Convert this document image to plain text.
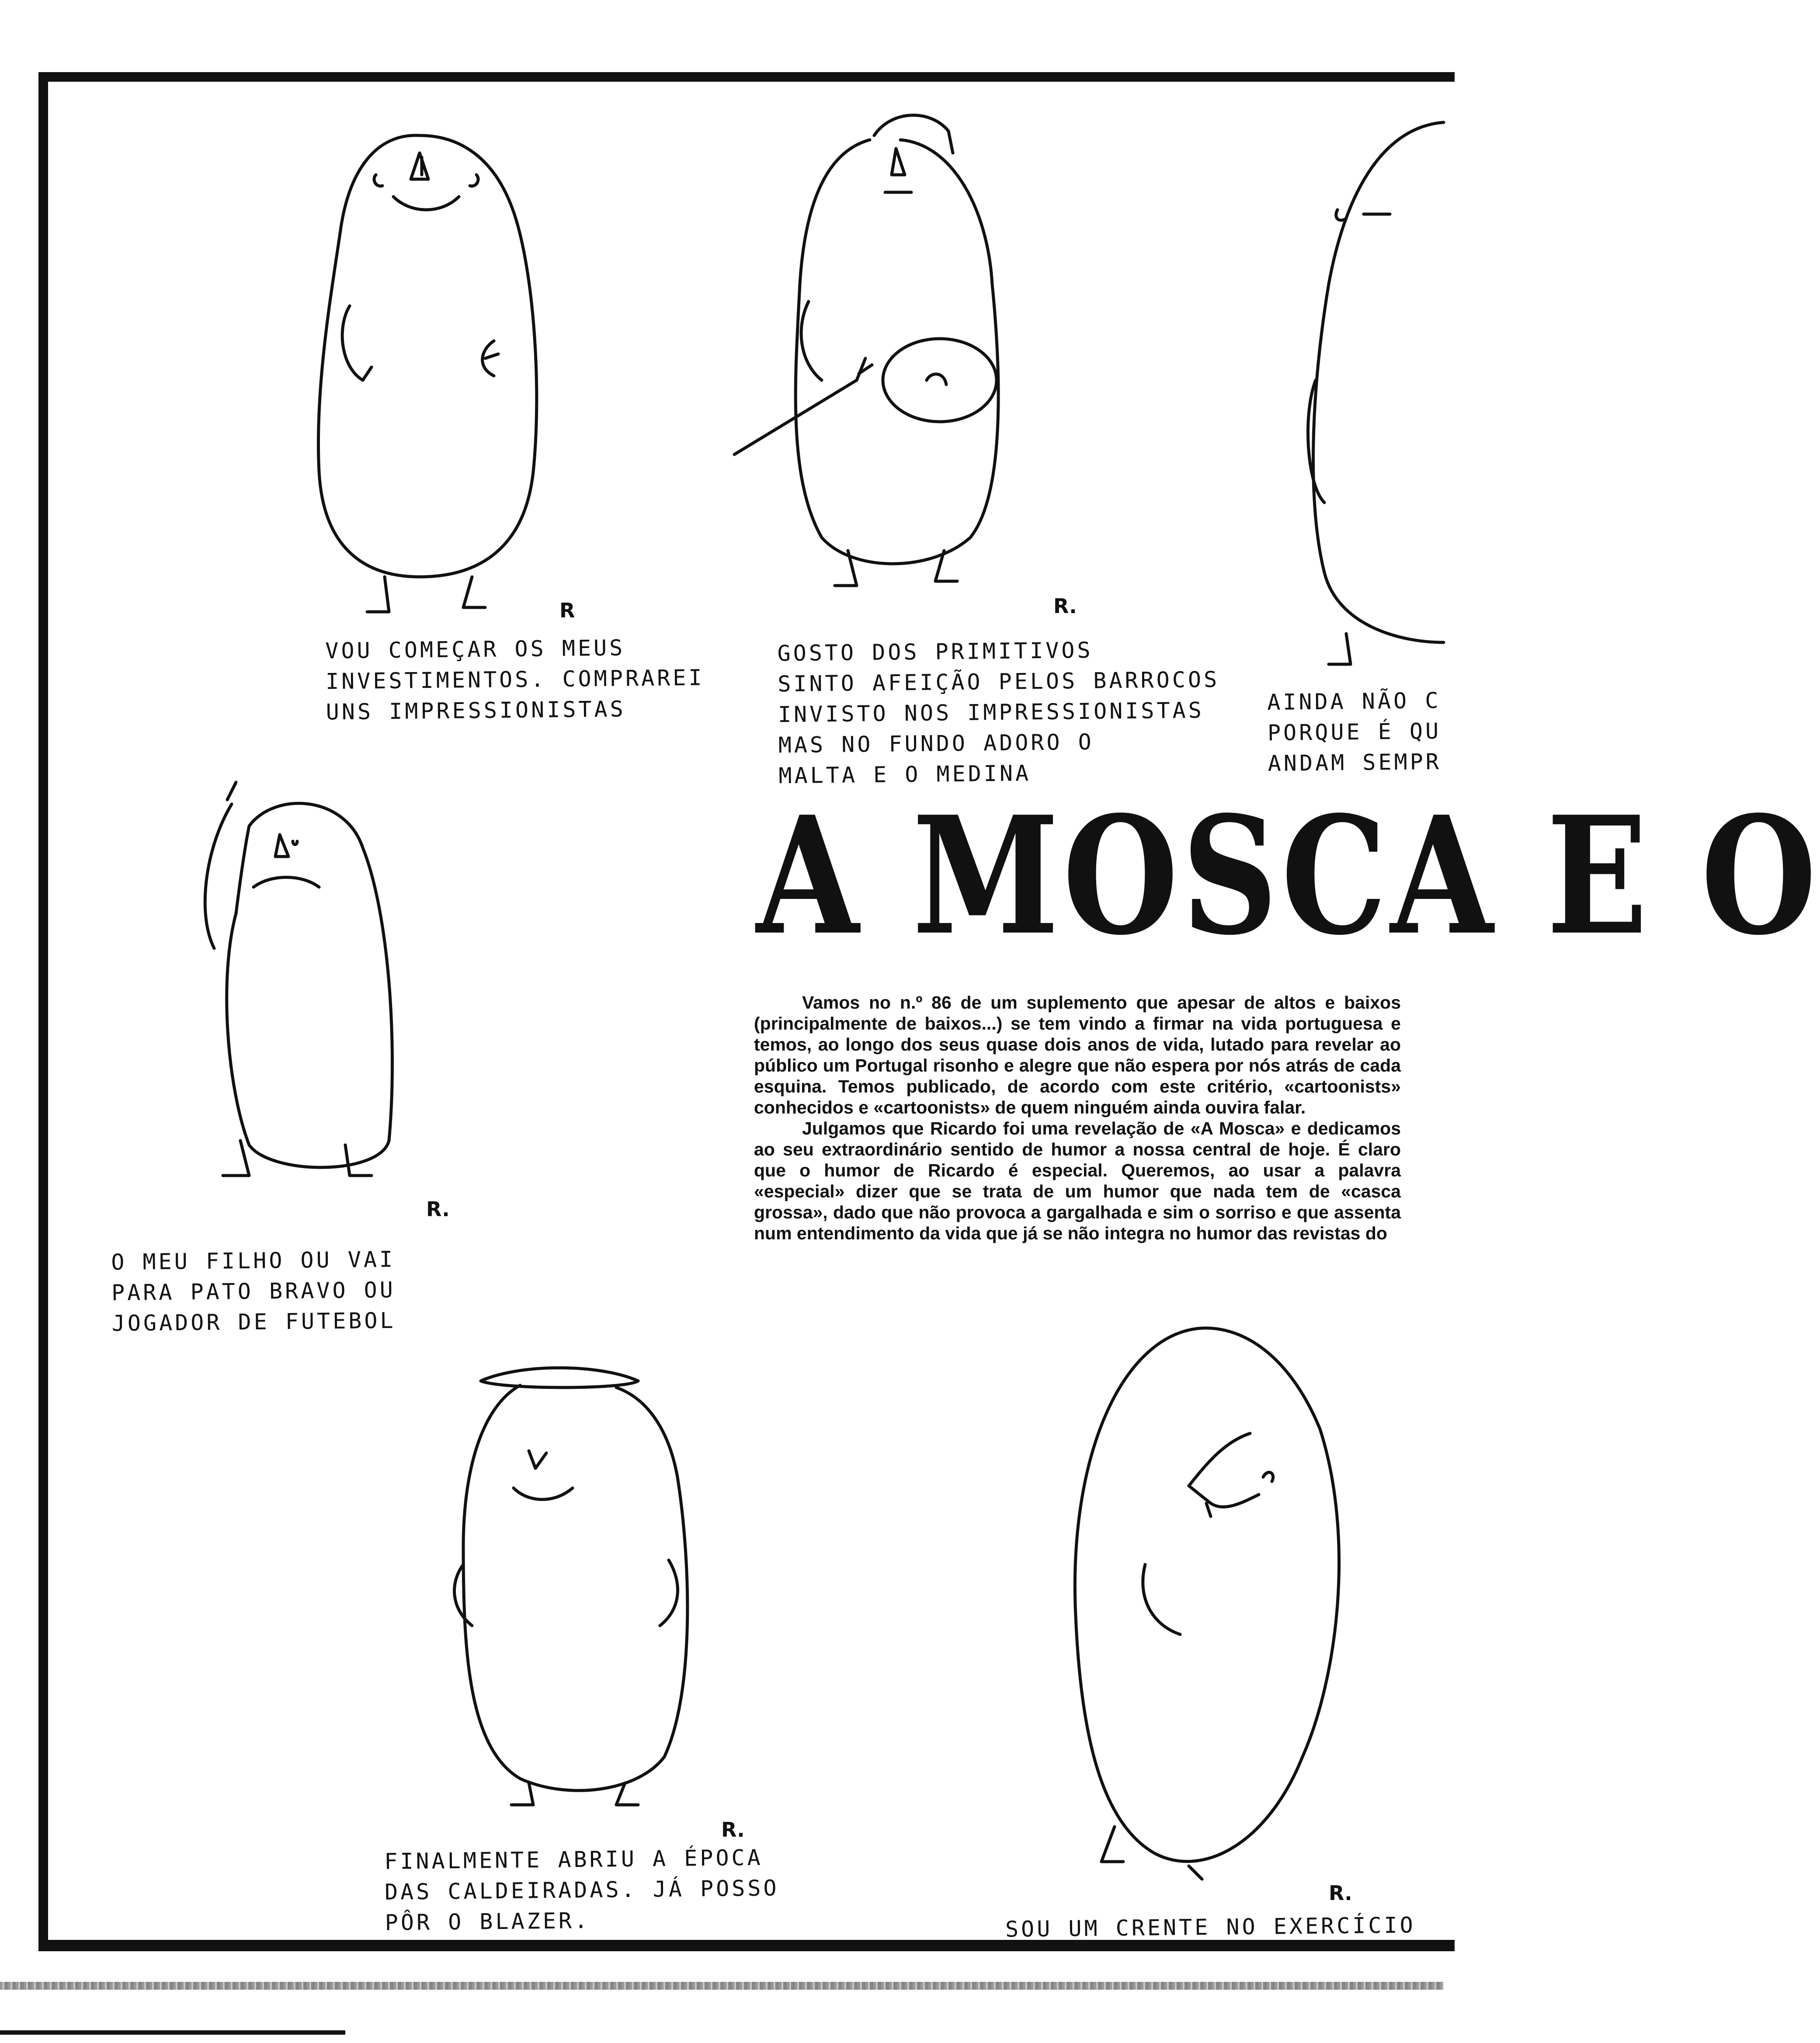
R
VOU COMEÇAR OS MEUS
INVESTIMENTOS. COMPRAREI
UNS IMPRESSIONISTAS
R.
GOSTO DOS PRIMITIVOS
SINTO AFEIÇÃO PELOS BARROCOS
INVISTO NOS IMPRESSIONISTAS
MAS NO FUNDO ADORO O
MALTA E O MEDINA
AINDA NÃO C
PORQUE É QU
ANDAM SEMPR
R.
O MEU FILHO OU VAI
PARA PATO BRAVO OU
JOGADOR DE FUTEBOL
R.
FINALMENTE ABRIU A ÉPOCA
DAS CALDEIRADAS. JÁ POSSO
PÔR O BLAZER.
R.
SOU UM CRENTE NO EXERCÍCIO
A MOSCA E O

Vamos no n.º 86 de um suplemento que apesar de altos e baixos (principalmente de baixos...) se tem vindo a firmar na vida portuguesa e temos, ao longo dos seus quase dois anos de vida, lutado para revelar ao público um Portugal risonho e alegre que não espera por nós atrás de cada esquina. Temos publicado, de acordo com este critério, «cartoonists» conhecidos e «cartoonists» de quem ninguém ainda ouvira falar.

Julgamos que Ricardo foi uma revelação de «A Mosca» e dedicamos ao seu extraordinário sentido de humor a nossa central de hoje. É claro que o humor de Ricardo é especial. Queremos, ao usar a palavra «especial» dizer que se trata de um humor que nada tem de «casca grossa», dado que não provoca a gargalhada e sim o sorriso e que assenta num entendimento da vida que já se não integra no humor das revistas do
